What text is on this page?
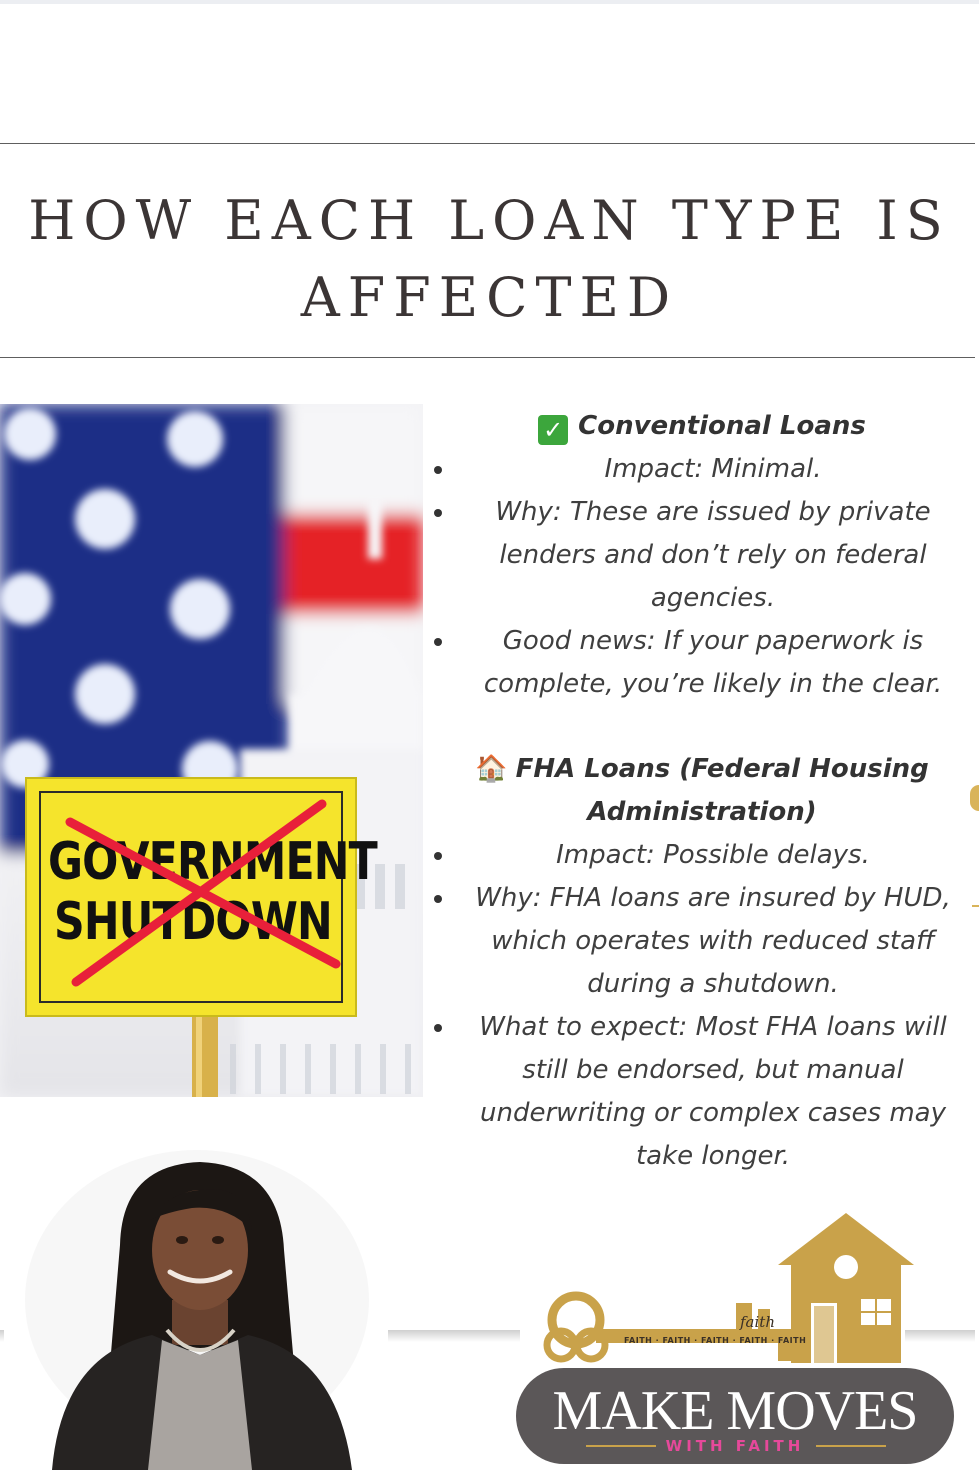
HOW EACH LOAN TYPE IS
AFFECTED
GOVERNMENT
SHUTDOWN

✓ Conventional Loans

Impact: Minimal.
Why: These are issued by private lenders and don’t rely on federal agencies.
Good news: If your paperwork is complete, you’re likely in the clear.

🏠 FHA Loans (Federal Housing Administration)

Impact: Possible delays.
Why: FHA loans are insured by HUD, which operates with reduced staff during a shutdown.
What to expect: Most FHA loans will still be endorsed, but manual underwriting or complex cases may take longer.
faith
FAITH · FAITH · FAITH · FAITH · FAITH
MAKE MOVES
WITH FAITH
